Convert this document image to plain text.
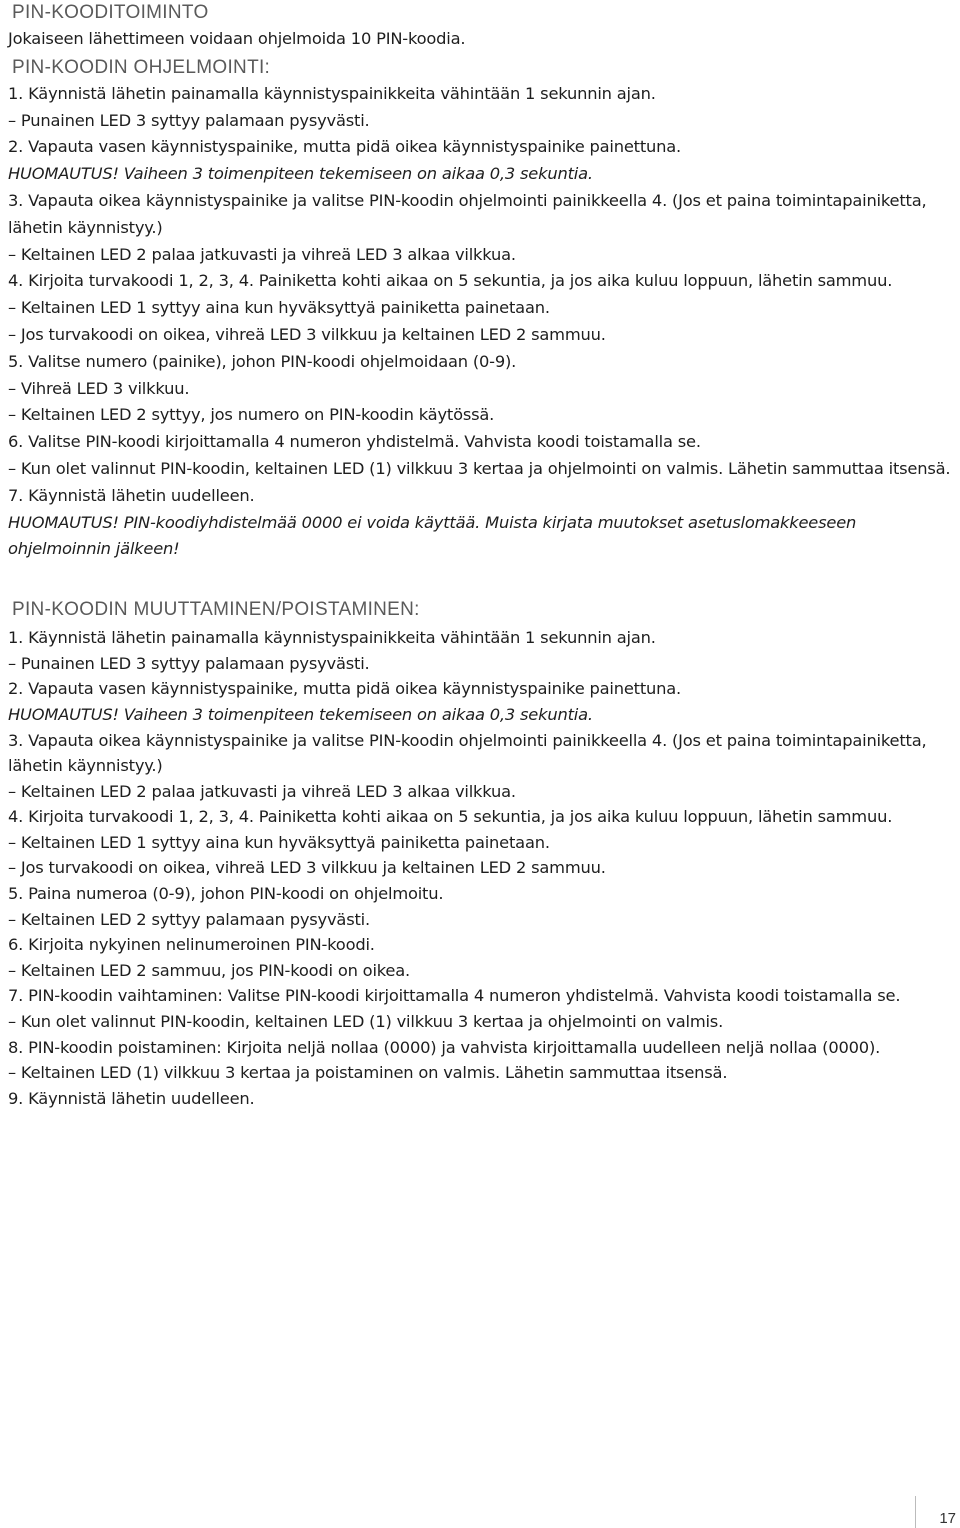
PIN-KOODITOIMINTO

Jokaiseen lähettimeen voidaan ohjelmoida 10 PIN-koodia.

PIN-KOODIN OHJELMOINTI:

1. Käynnistä lähetin painamalla käynnistyspainikkeita vähintään 1 sekunnin ajan.

– Punainen LED 3 syttyy palamaan pysyvästi.

2. Vapauta vasen käynnistyspainike, mutta pidä oikea käynnistyspainike painettuna.

HUOMAUTUS! Vaiheen 3 toimenpiteen tekemiseen on aikaa 0,3 sekuntia.

3. Vapauta oikea käynnistyspainike ja valitse PIN-koodin ohjelmointi painikkeella 4. (Jos et paina toimintapainiketta, lähetin käynnistyy.)

– Keltainen LED 2 palaa jatkuvasti ja vihreä LED 3 alkaa vilkkua.

4. Kirjoita turvakoodi 1, 2, 3, 4. Painiketta kohti aikaa on 5 sekuntia, ja jos aika kuluu loppuun, lähetin sammuu.

– Keltainen LED 1 syttyy aina kun hyväksyttyä painiketta painetaan.

– Jos turvakoodi on oikea, vihreä LED 3 vilkkuu ja keltainen LED 2 sammuu.

5. Valitse numero (painike), johon PIN-koodi ohjelmoidaan (0-9).

– Vihreä LED 3 vilkkuu.

– Keltainen LED 2 syttyy, jos numero on PIN-koodin käytössä.

6. Valitse PIN-koodi kirjoittamalla 4 numeron yhdistelmä. Vahvista koodi toistamalla se.

– Kun olet valinnut PIN-koodin, keltainen LED (1) vilkkuu 3 kertaa ja ohjelmointi on valmis. Lähetin sammuttaa itsensä.

7. Käynnistä lähetin uudelleen.

HUOMAUTUS! PIN-koodiyhdistelmää 0000 ei voida käyttää. Muista kirjata muutokset asetuslomakkeeseen ohjelmoinnin jälkeen!

PIN-KOODIN MUUTTAMINEN/POISTAMINEN:

1. Käynnistä lähetin painamalla käynnistyspainikkeita vähintään 1 sekunnin ajan.

– Punainen LED 3 syttyy palamaan pysyvästi.

2. Vapauta vasen käynnistyspainike, mutta pidä oikea käynnistyspainike painettuna.

HUOMAUTUS! Vaiheen 3 toimenpiteen tekemiseen on aikaa 0,3 sekuntia.

3. Vapauta oikea käynnistyspainike ja valitse PIN-koodin ohjelmointi painikkeella 4. (Jos et paina toimintapainiketta, lähetin käynnistyy.)

– Keltainen LED 2 palaa jatkuvasti ja vihreä LED 3 alkaa vilkkua.

4. Kirjoita turvakoodi 1, 2, 3, 4. Painiketta kohti aikaa on 5 sekuntia, ja jos aika kuluu loppuun, lähetin sammuu.

– Keltainen LED 1 syttyy aina kun hyväksyttyä painiketta painetaan.

– Jos turvakoodi on oikea, vihreä LED 3 vilkkuu ja keltainen LED 2 sammuu.

5. Paina numeroa (0-9), johon PIN-koodi on ohjelmoitu.

– Keltainen LED 2 syttyy palamaan pysyvästi.

6. Kirjoita nykyinen nelinumeroinen PIN-koodi.

– Keltainen LED 2 sammuu, jos PIN-koodi on oikea.

7. PIN-koodin vaihtaminen: Valitse PIN-koodi kirjoittamalla 4 numeron yhdistelmä. Vahvista koodi toistamalla se.

– Kun olet valinnut PIN-koodin, keltainen LED (1) vilkkuu 3 kertaa ja ohjelmointi on valmis.

8. PIN-koodin poistaminen: Kirjoita neljä nollaa (0000) ja vahvista kirjoittamalla uudelleen neljä nollaa (0000).

– Keltainen LED (1) vilkkuu 3 kertaa ja poistaminen on valmis. Lähetin sammuttaa itsensä.

9. Käynnistä lähetin uudelleen.

17
